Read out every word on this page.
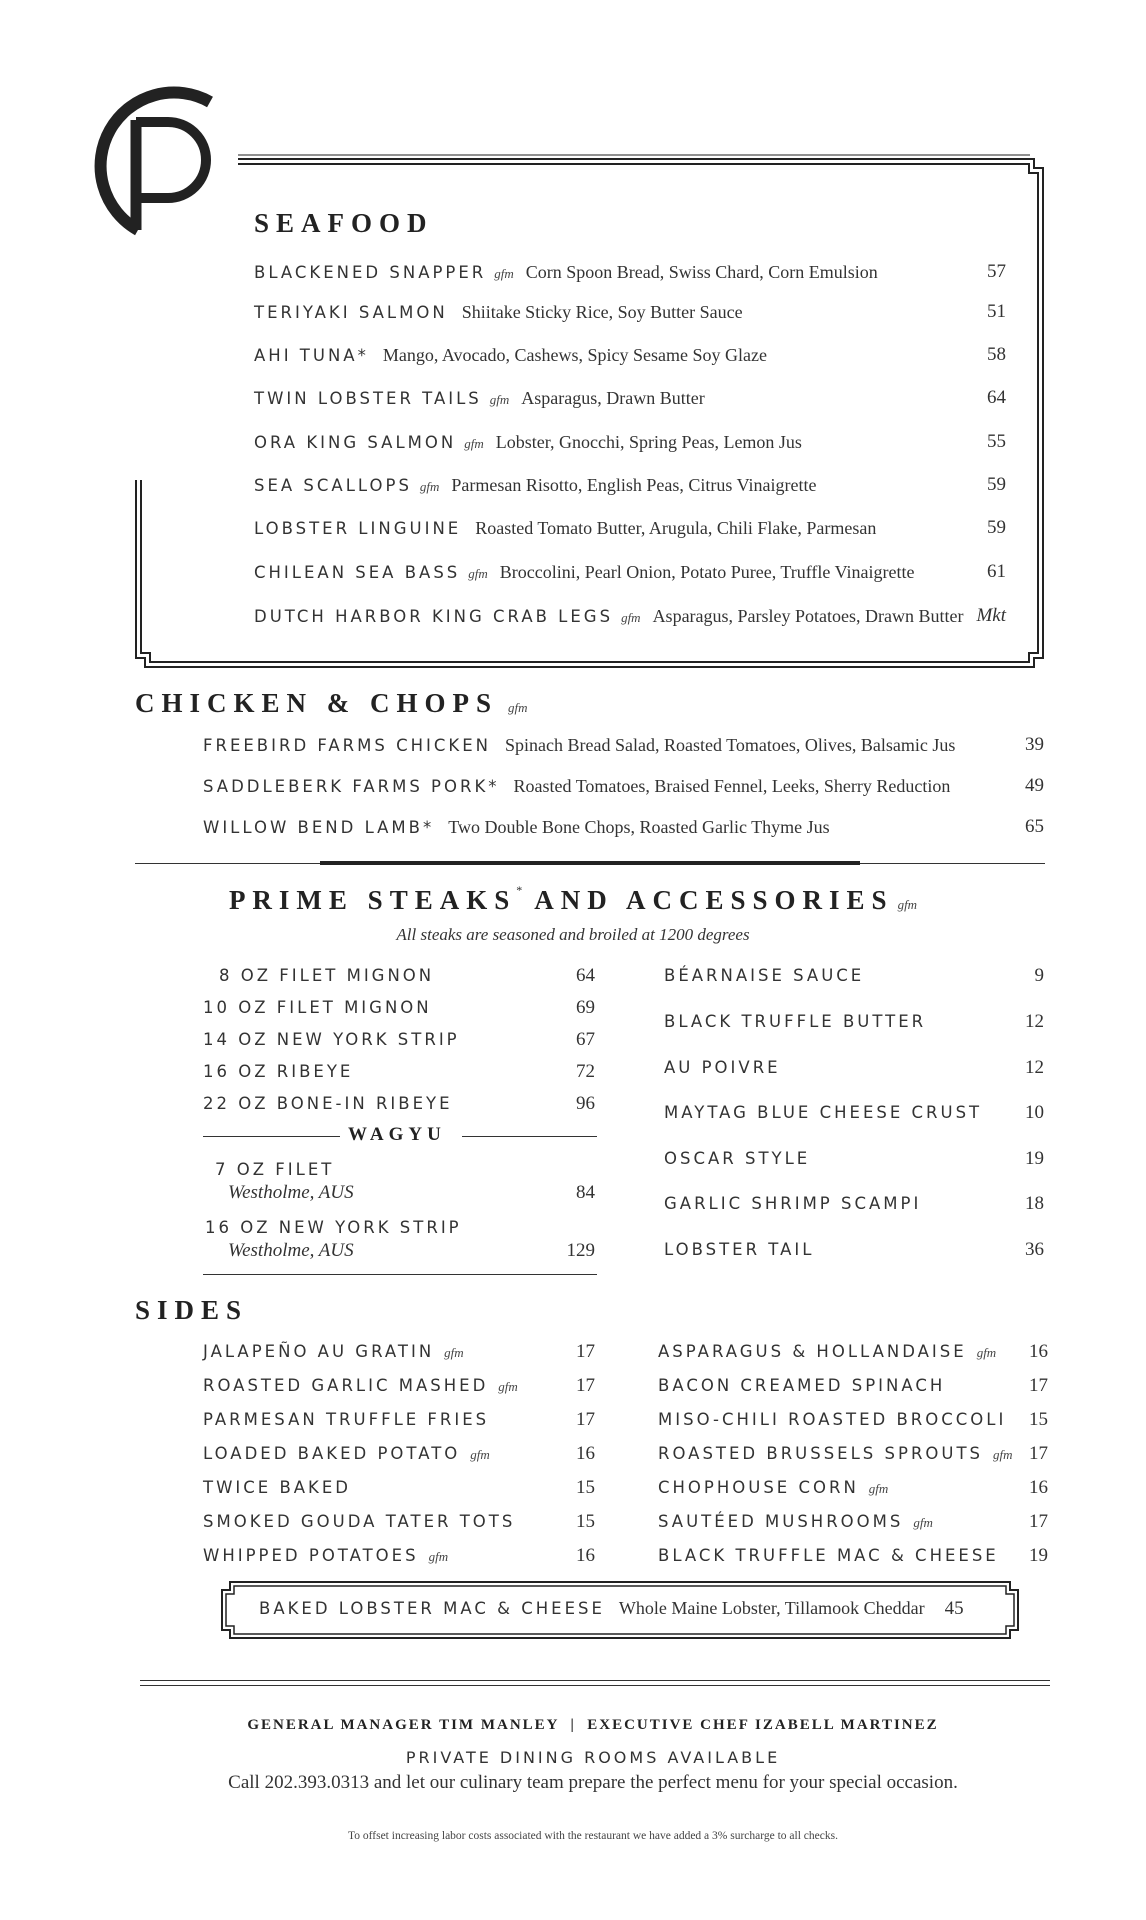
SEAFOOD
BLACKENED SNAPPER gfm Corn Spoon Bread, Swiss Chard, Corn Emulsion	57
TERIYAKI SALMON Shiitake Sticky Rice, Soy Butter Sauce	51
AHI TUNA* Mango, Avocado, Cashews, Spicy Sesame Soy Glaze	58
TWIN LOBSTER TAILS gfm Asparagus, Drawn Butter	64
ORA KING SALMON gfm Lobster, Gnocchi, Spring Peas, Lemon Jus	55
SEA SCALLOPS gfm Parmesan Risotto, English Peas, Citrus Vinaigrette	59
LOBSTER LINGUINE Roasted Tomato Butter, Arugula, Chili Flake, Parmesan	59
CHILEAN SEA BASS gfm Broccolini, Pearl Onion, Potato Puree, Truffle Vinaigrette	61
DUTCH HARBOR KING CRAB LEGS gfm Asparagus, Parsley Potatoes, Drawn Butter Mkt
CHICKEN & CHOPS gfm
FREEBIRD FARMS CHICKEN Spinach Bread Salad, Roasted Tomatoes, Olives, Balsamic Jus	39
SADDLEBERK FARMS PORK* Roasted Tomatoes, Braised Fennel, Leeks, Sherry Reduction	49
WILLOW BEND LAMB* Two Double Bone Chops, Roasted Garlic Thyme Jus	65
PRIME STEAKS* AND ACCESSORIES gfm
All steaks are seasoned and broiled at 1200 degrees
8 OZ FILET MIGNON	64
10 OZ FILET MIGNON	69
14 OZ NEW YORK STRIP	67
16 OZ RIBEYE	72
22 OZ BONE-IN RIBEYE	96
WAGYU
7 OZ FILET
Westholme, AUS	84
16 OZ NEW YORK STRIP
Westholme, AUS	129
BÉARNAISE SAUCE	9
BLACK TRUFFLE BUTTER	12
AU POIVRE	12
MAYTAG BLUE CHEESE CRUST 10
OSCAR STYLE	19
GARLIC SHRIMP SCAMPI	18
LOBSTER TAIL	36
SIDES
JALAPEÑO AU GRATIN gfm	17
ROASTED GARLIC MASHED gfm	17
PARMESAN TRUFFLE FRIES	17
LOADED BAKED POTATO gfm	16
TWICE BAKED	15
SMOKED GOUDA TATER TOTS	15
WHIPPED POTATOES gfm	16
ASPARAGUS & HOLLANDAISE gfm 16
BACON CREAMED SPINACH	17
MISO-CHILI ROASTED BROCCOLI 15
ROASTED BRUSSELS SPROUTS gfm 17
CHOPHOUSE CORN gfm	16
SAUTÉED MUSHROOMS gfm	17
BLACK TRUFFLE MAC & CHEESE 19
BAKED LOBSTER MAC & CHEESE Whole Maine Lobster, Tillamook Cheddar 45
GENERAL MANAGER TIM MANLEY  |  EXECUTIVE CHEF IZABELL MARTINEZ
PRIVATE DINING ROOMS AVAILABLE
Call 202.393.0313 and let our culinary team prepare the perfect menu for your special occasion.
To offset increasing labor costs associated with the restaurant we have added a 3% surcharge to all checks.
